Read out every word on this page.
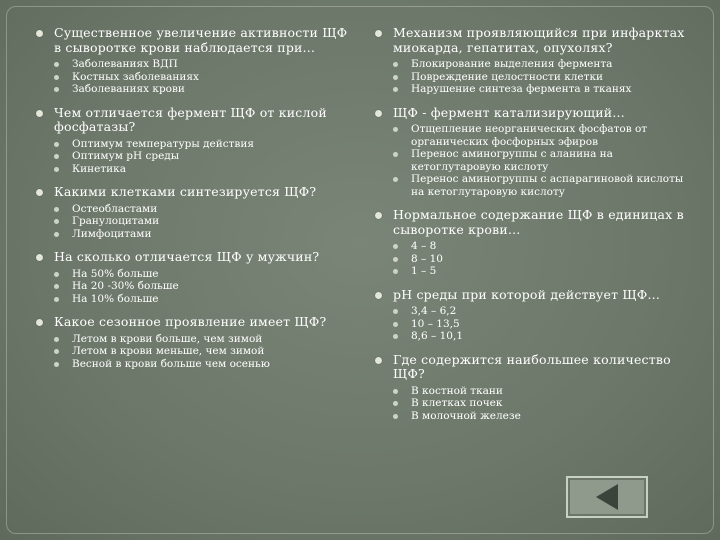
Существенное увеличение активности ЩФ в сыворотке крови наблюдается при…
Заболеваниях ВДП
Костных заболеваниях
Заболеваниях крови
Чем отличается фермент ЩФ от кислой фосфатазы?
Оптимум температуры действия
Оптимум pH среды
Кинетика
Какими клетками синтезируется ЩФ?
Остеобластами
Гранулоцитами
Лимфоцитами
На сколько отличается ЩФ у мужчин?
На 50% больше
На 20 -30% больше
На 10% больше
Какое сезонное проявление имеет ЩФ?
Летом в крови больше, чем зимой
Летом в крови меньше, чем зимой
Весной в крови больше чем осенью
Механизм проявляющийся при инфарктах миокарда, гепатитах, опухолях?
Блокирование выделения фермента
Повреждение целостности клетки
Нарушение синтеза фермента в тканях
ЩФ - фермент катализирующий…
Отщепление неорганических фосфатов от органических фосфорных эфиров
Перенос аминогруппы с аланина на кетоглутаровую кислоту
Перенос аминогруппы с аспарагиновой кислоты на кетоглутаровую кислоту
Нормальное содержание ЩФ в единицах в сыворотке крови…
4 – 8
8 – 10
1 – 5
pH среды при которой действует ЩФ…
3,4 – 6,2
10 – 13,5
8,6 – 10,1
Где содержится наибольшее количество ЩФ?
В костной ткани
В клетках почек
В молочной железе
